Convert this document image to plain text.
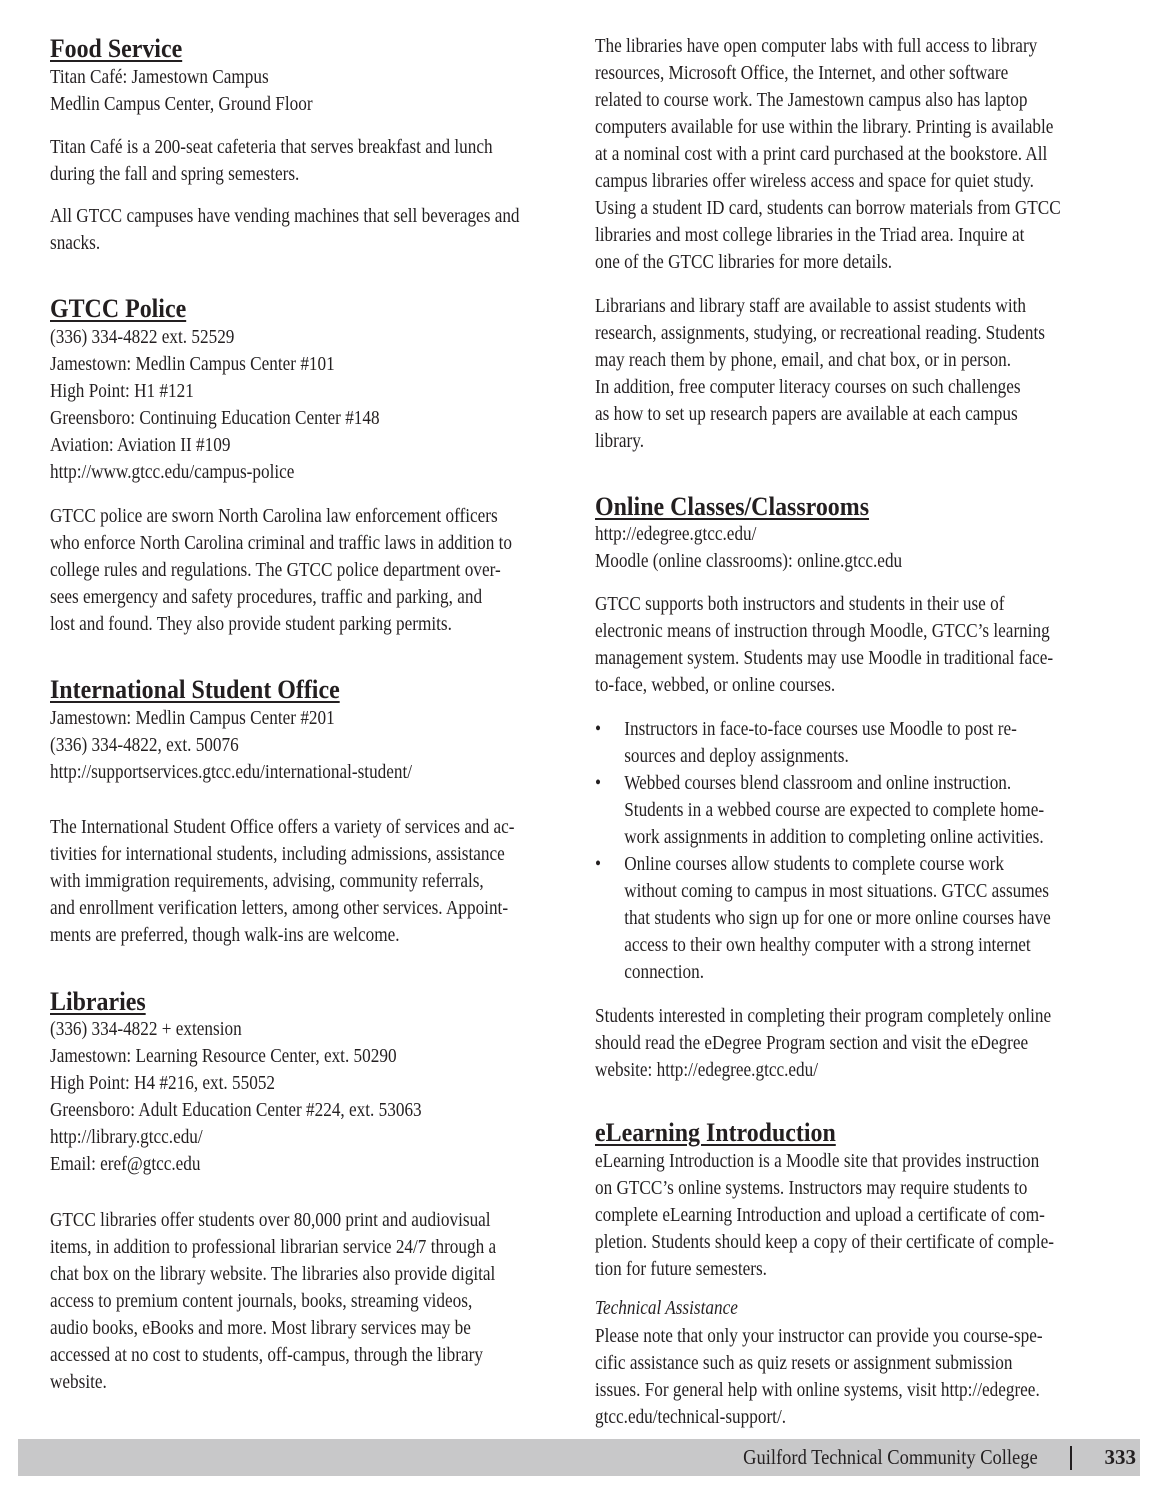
Food Service
Titan Café: Jamestown Campus
Medlin Campus Center, Ground Floor
Titan Café is a 200-seat cafeteria that serves breakfast and lunch
during the fall and spring semesters.
All GTCC campuses have vending machines that sell beverages and
snacks.
GTCC Police
(336) 334-4822 ext. 52529
Jamestown: Medlin Campus Center #101
High Point: H1 #121
Greensboro: Continuing Education Center #148
Aviation: Aviation II #109
http://www.gtcc.edu/campus-police
GTCC police are sworn North Carolina law enforcement officers
who enforce North Carolina criminal and traffic laws in addition to
college rules and regulations. The GTCC police department over-
sees emergency and safety procedures, traffic and parking, and
lost and found. They also provide student parking permits.
International Student Office
Jamestown: Medlin Campus Center #201
(336) 334-4822, ext. 50076
http://supportservices.gtcc.edu/international-student/
The International Student Office offers a variety of services and ac-
tivities for international students, including admissions, assistance
with immigration requirements, advising, community referrals,
and enrollment verification letters, among other services. Appoint-
ments are preferred, though walk-ins are welcome.
Libraries
(336) 334-4822 + extension
Jamestown: Learning Resource Center, ext. 50290
High Point: H4 #216, ext. 55052
Greensboro: Adult Education Center #224, ext. 53063
http://library.gtcc.edu/
Email: eref@gtcc.edu
GTCC libraries offer students over 80,000 print and audiovisual
items, in addition to professional librarian service 24/7 through a
chat box on the library website. The libraries also provide digital
access to premium content journals, books, streaming videos,
audio books, eBooks and more. Most library services may be
accessed at no cost to students, off-campus, through the library
website.
The libraries have open computer labs with full access to library
resources, Microsoft Office, the Internet, and other software
related to course work. The Jamestown campus also has laptop
computers available for use within the library. Printing is available
at a nominal cost with a print card purchased at the bookstore. All
campus libraries offer wireless access and space for quiet study.
Using a student ID card, students can borrow materials from GTCC
libraries and most college libraries in the Triad area. Inquire at
one of the GTCC libraries for more details.
Librarians and library staff are available to assist students with
research, assignments, studying, or recreational reading. Students
may reach them by phone, email, and chat box, or in person.
In addition, free computer literacy courses on such challenges
as how to set up research papers are available at each campus
library.
Online Classes/Classrooms
http://edegree.gtcc.edu/
Moodle (online classrooms): online.gtcc.edu
GTCC supports both instructors and students in their use of
electronic means of instruction through Moodle, GTCC’s learning
management system. Students may use Moodle in traditional face-
to-face, webbed, or online courses.
• Instructors in face-to-face courses use Moodle to post re-
sources and deploy assignments.
• Webbed courses blend classroom and online instruction.
Students in a webbed course are expected to complete home-
work assignments in addition to completing online activities.
• Online courses allow students to complete course work
without coming to campus in most situations. GTCC assumes
that students who sign up for one or more online courses have
access to their own healthy computer with a strong internet
connection.
Students interested in completing their program completely online
should read the eDegree Program section and visit the eDegree
website: http://edegree.gtcc.edu/
eLearning Introduction
eLearning Introduction is a Moodle site that provides instruction
on GTCC’s online systems. Instructors may require students to
complete eLearning Introduction and upload a certificate of com-
pletion. Students should keep a copy of their certificate of comple-
tion for future semesters.
Technical Assistance
Please note that only your instructor can provide you course-spe-
cific assistance such as quiz resets or assignment submission
issues. For general help with online systems, visit http://edegree.
gtcc.edu/technical-support/.
Guilford Technical Community College	333
